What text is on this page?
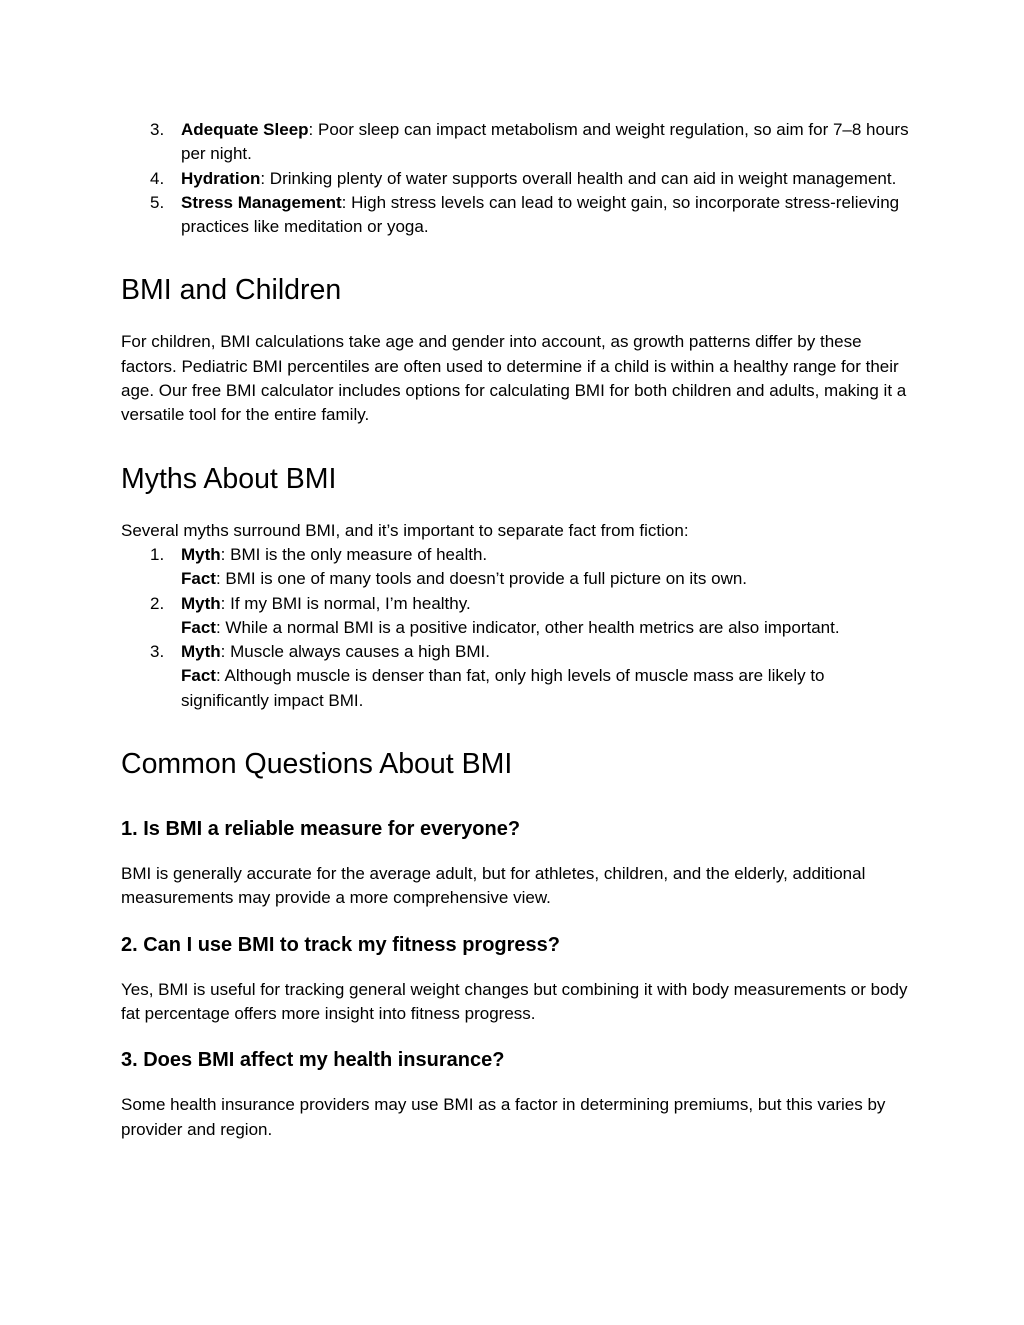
3. Adequate Sleep: Poor sleep can impact metabolism and weight regulation, so aim for 7–8 hours per night.
4. Hydration: Drinking plenty of water supports overall health and can aid in weight management.
5. Stress Management: High stress levels can lead to weight gain, so incorporate stress-relieving practices like meditation or yoga.
BMI and Children

For children, BMI calculations take age and gender into account, as growth patterns differ by these factors. Pediatric BMI percentiles are often used to determine if a child is within a healthy range for their age. Our free BMI calculator includes options for calculating BMI for both children and adults, making it a versatile tool for the entire family.

Myths About BMI

Several myths surround BMI, and it’s important to separate fact from fiction:

1. Myth: BMI is the only measure of health.
Fact: BMI is one of many tools and doesn’t provide a full picture on its own.
2. Myth: If my BMI is normal, I’m healthy.
Fact: While a normal BMI is a positive indicator, other health metrics are also important.
3. Myth: Muscle always causes a high BMI.
Fact: Although muscle is denser than fat, only high levels of muscle mass are likely to significantly impact BMI.
Common Questions About BMI
1. Is BMI a reliable measure for everyone?

BMI is generally accurate for the average adult, but for athletes, children, and the elderly, additional measurements may provide a more comprehensive view.

2. Can I use BMI to track my fitness progress?

Yes, BMI is useful for tracking general weight changes but combining it with body measurements or body fat percentage offers more insight into fitness progress.

3. Does BMI affect my health insurance?

Some health insurance providers may use BMI as a factor in determining premiums, but this varies by provider and region.
